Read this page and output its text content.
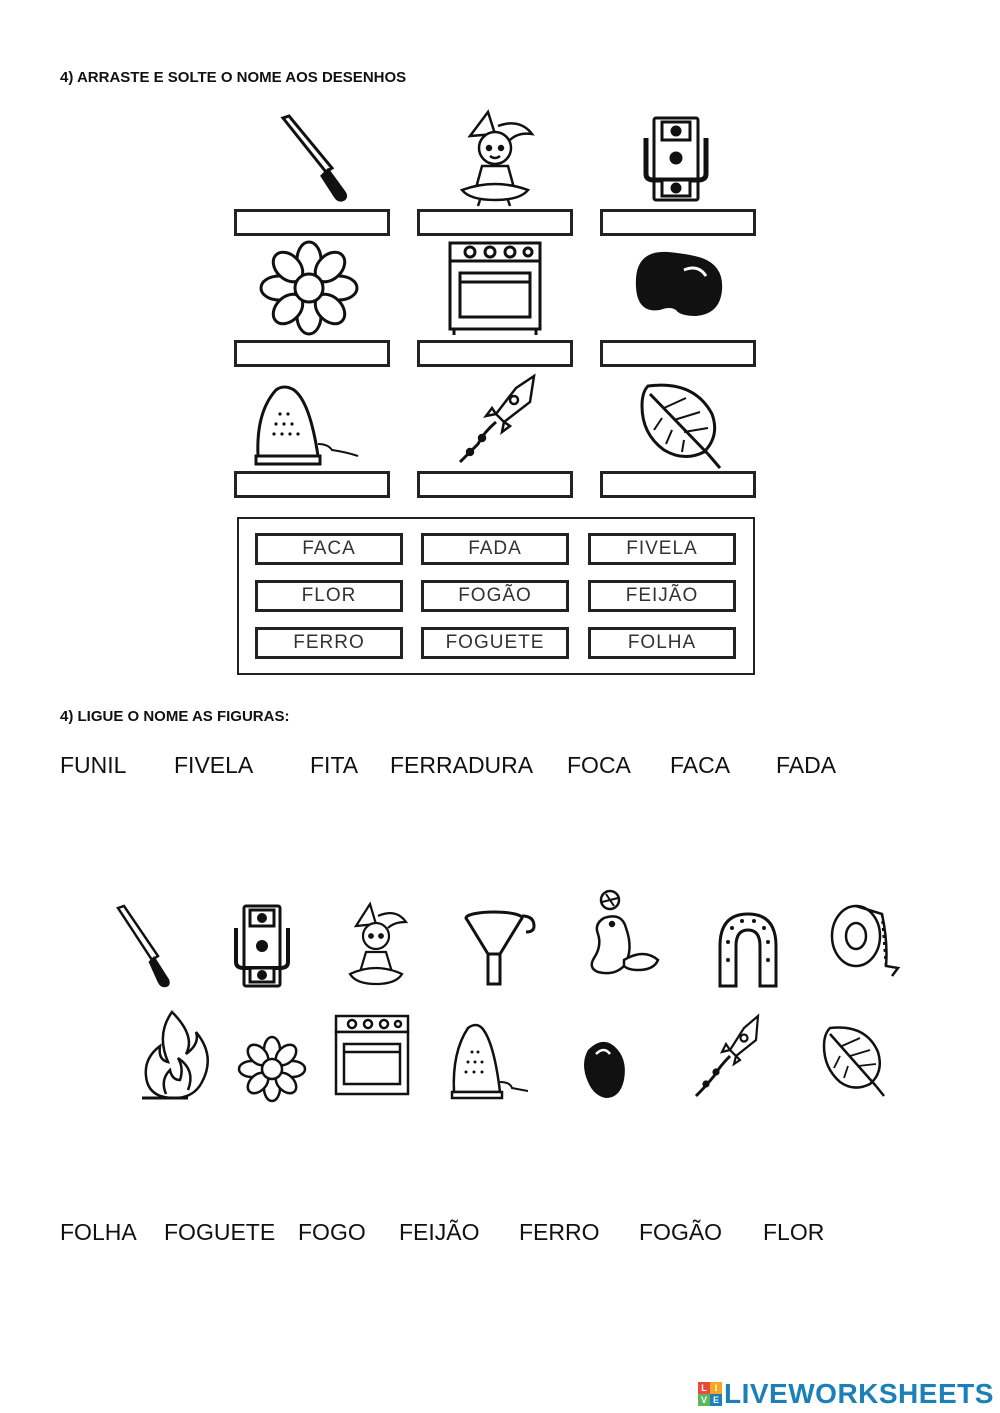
4) ARRASTE E SOLTE O NOME AOS DESENHOS
FACA	FADA	FIVELA
FLOR	FOGÃO	FEIJÃO
FERRO	FOGUETE	FOLHA
4) LIGUE O NOME AS FIGURAS:
FUNIL FIVELA FITA FERRADURA FOCA FACA FADA
FOLHA FOGUETE FOGO FEIJÃO FERRO FOGÃO FLOR
L I
V E LIVEWORKSHEETS
